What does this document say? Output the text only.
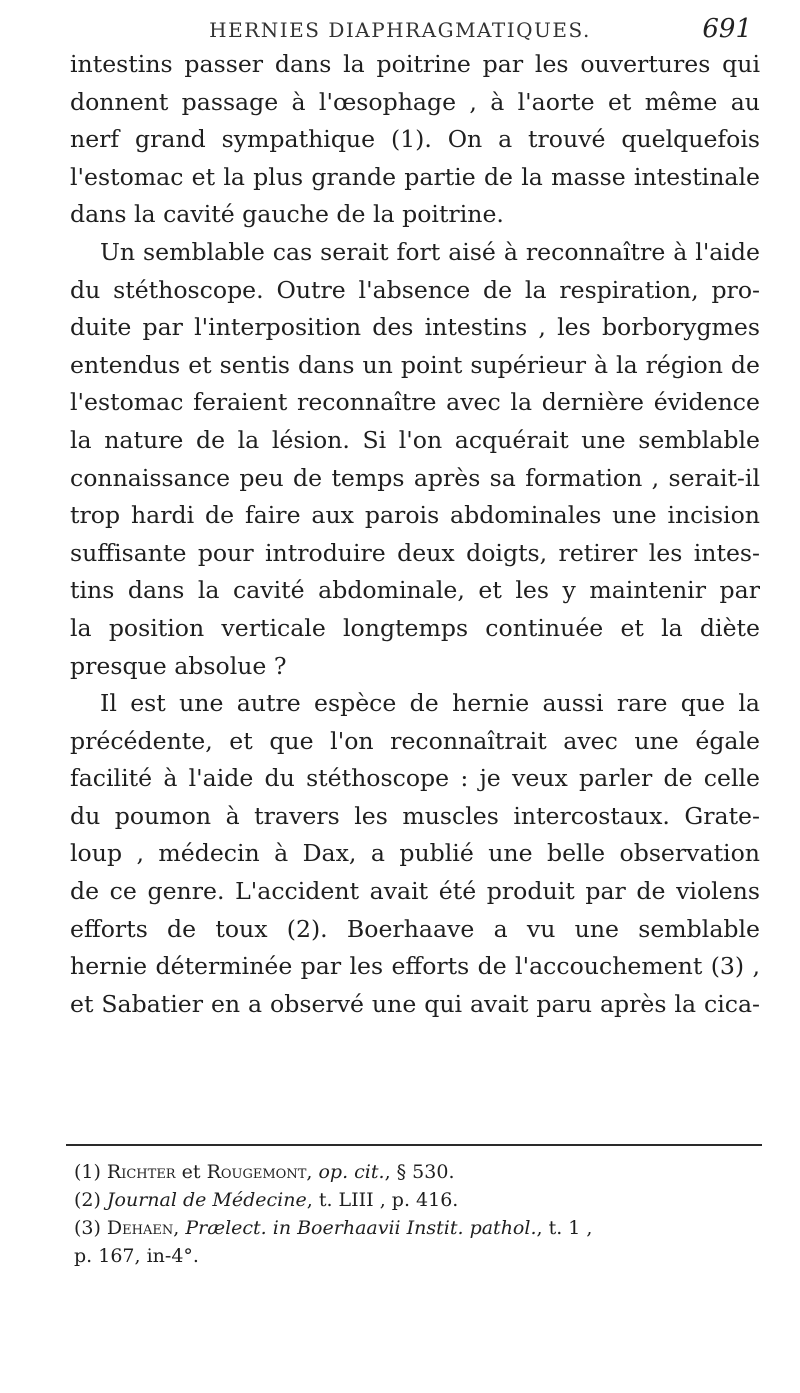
HERNIES DIAPHRAGMATIQUES.	691
intestins passer dans la poitrine par les ouvertures qui
donnent passage à l'œsophage , à l'aorte et même au
nerf grand sympathique (1). On a trouvé quelquefois
l'estomac et la plus grande partie de la masse intestinale
dans la cavité gauche de la poitrine.
Un semblable cas serait fort aisé à reconnaître à l'aide
du stéthoscope. Outre l'absence de la respiration, pro-
duite par l'interposition des intestins , les borborygmes
entendus et sentis dans un point supérieur à la région de
l'estomac feraient reconnaître avec la dernière évidence
la nature de la lésion. Si l'on acquérait une semblable
connaissance peu de temps après sa formation , serait-il
trop hardi de faire aux parois abdominales une incision
suffisante pour introduire deux doigts, retirer les intes-
tins dans la cavité abdominale, et les y maintenir par
la position verticale longtemps continuée et la diète
presque absolue ?
Il est une autre espèce de hernie aussi rare que la
précédente, et que l'on reconnaîtrait avec une égale
facilité à l'aide du stéthoscope : je veux parler de celle
du poumon à travers les muscles intercostaux. Grate-
loup , médecin à Dax, a publié une belle observation
de ce genre. L'accident avait été produit par de violens
efforts de toux (2). Boerhaave a vu une semblable
hernie déterminée par les efforts de l'accouchement (3) ,
et Sabatier en a observé une qui avait paru après la cica-
(1) Richter et Rougemont, op. cit., § 530.
(2) Journal de Médecine, t. LIII , p. 416.
(3) Dehaen, Prælect. in Boerhaavii Instit. pathol., t. 1 ,
p. 167, in-4°.
